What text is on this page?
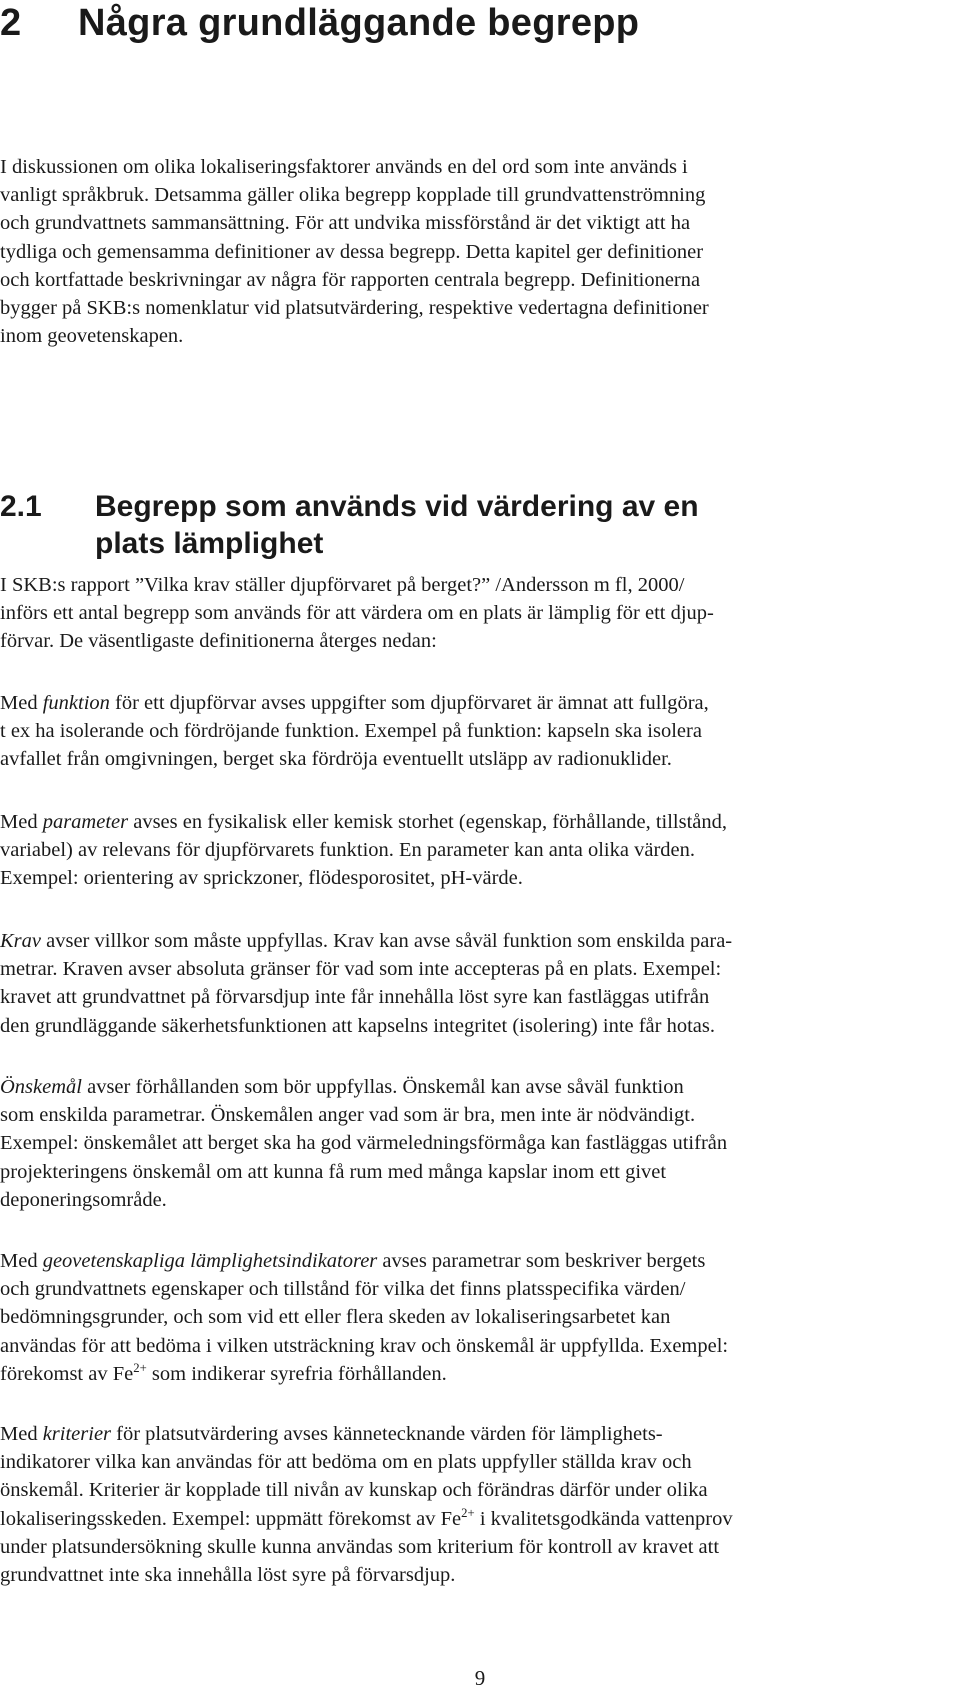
2 Några grundläggande begrepp
I diskussionen om olika lokaliseringsfaktorer används en del ord som inte används i
vanligt språkbruk. Detsamma gäller olika begrepp kopplade till grundvattenströmning
och grundvattnets sammansättning. För att undvika missförstånd är det viktigt att ha
tydliga och gemensamma definitioner av dessa begrepp. Detta kapitel ger definitioner
och kortfattade beskrivningar av några för rapporten centrala begrepp. Definitionerna
bygger på SKB:s nomenklatur vid platsutvärdering, respektive vedertagna definitioner
inom geovetenskapen.
2.1 Begrepp som används vid värdering av en
plats lämplighet
I SKB:s rapport ”Vilka krav ställer djupförvaret på berget?” /Andersson m fl, 2000/
införs ett antal begrepp som används för att värdera om en plats är lämplig för ett djup-
förvar. De väsentligaste definitionerna återges nedan:
Med funktion för ett djupförvar avses uppgifter som djupförvaret är ämnat att fullgöra,
t ex ha isolerande och fördröjande funktion. Exempel på funktion: kapseln ska isolera
avfallet från omgivningen, berget ska fördröja eventuellt utsläpp av radionuklider.
Med parameter avses en fysikalisk eller kemisk storhet (egenskap, förhållande, tillstånd,
variabel) av relevans för djupförvarets funktion. En parameter kan anta olika värden.
Exempel: orientering av sprickzoner, flödesporositet, pH-värde.
Krav avser villkor som måste uppfyllas. Krav kan avse såväl funktion som enskilda para-
metrar. Kraven avser absoluta gränser för vad som inte accepteras på en plats. Exempel:
kravet att grundvattnet på förvarsdjup inte får innehålla löst syre kan fastläggas utifrån
den grundläggande säkerhetsfunktionen att kapselns integritet (isolering) inte får hotas.
Önskemål avser förhållanden som bör uppfyllas. Önskemål kan avse såväl funktion
som enskilda parametrar. Önskemålen anger vad som är bra, men inte är nödvändigt.
Exempel: önskemålet att berget ska ha god värmeledningsförmåga kan fastläggas utifrån
projekteringens önskemål om att kunna få rum med många kapslar inom ett givet
deponeringsområde.
Med geovetenskapliga lämplighetsindikatorer avses parametrar som beskriver bergets
och grundvattnets egenskaper och tillstånd för vilka det finns platsspecifika värden/
bedömningsgrunder, och som vid ett eller flera skeden av lokaliseringsarbetet kan
användas för att bedöma i vilken utsträckning krav och önskemål är uppfyllda. Exempel:
förekomst av $Fe^{2+}$ som indikerar syrefria förhållanden.
Med kriterier för platsutvärdering avses kännetecknande värden för lämplighets-
indikatorer vilka kan användas för att bedöma om en plats uppfyller ställda krav och
önskemål. Kriterier är kopplade till nivån av kunskap och förändras därför under olika
lokaliseringsskeden. Exempel: uppmätt förekomst av $Fe^{2+}$ i kvalitetsgodkända vattenprov
under platsundersökning skulle kunna användas som kriterium för kontroll av kravet att
grundvattnet inte ska innehålla löst syre på förvarsdjup.
9
